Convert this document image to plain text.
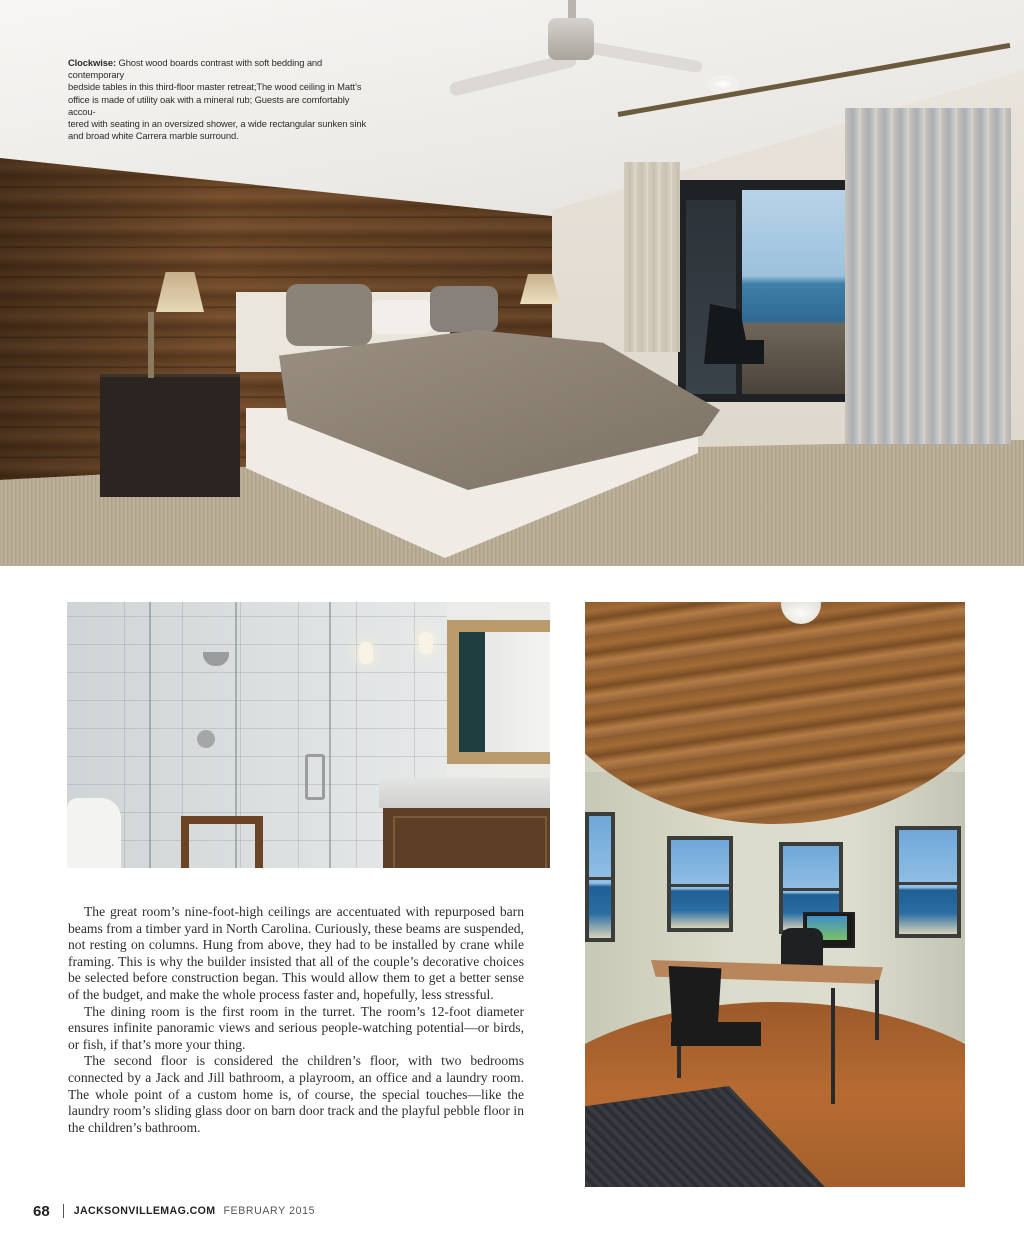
Clockwise: Ghost wood boards contrast with soft bedding and contemporary
bedside tables in this third-floor master retreat;The wood ceiling in Matt’s
office is made of utility oak with a mineral rub; Guests are comfortably accou-
tered with seating in an oversized shower, a wide rectangular sunken sink
and broad white Carrera marble surround.

The great room’s nine-foot-high ceilings are accentuated with repurposed barn beams from a timber yard in North Carolina. Curiously, these beams are suspended, not resting on columns. Hung from above, they had to be installed by crane while framing. This is why the builder insisted that all of the couple’s decorative choices be selected before construction began. This would allow them to get a better sense of the budget, and make the whole process faster and, hopefully, less stressful.

The dining room is the first room in the turret. The room’s 12-foot diameter ensures infinite panoramic views and serious people-watching potential—or birds, or fish, if that’s more your thing.

The second floor is considered the children’s floor, with two bedrooms connected by a Jack and Jill bathroom, a playroom, an office and a laundry room. The whole point of a custom home is, of course, the special touches—like the laundry room’s sliding glass door on barn door track and the playful pebble floor in the children’s bathroom.

68 JACKSONVILLEMAG.COM FEBRUARY 2015
